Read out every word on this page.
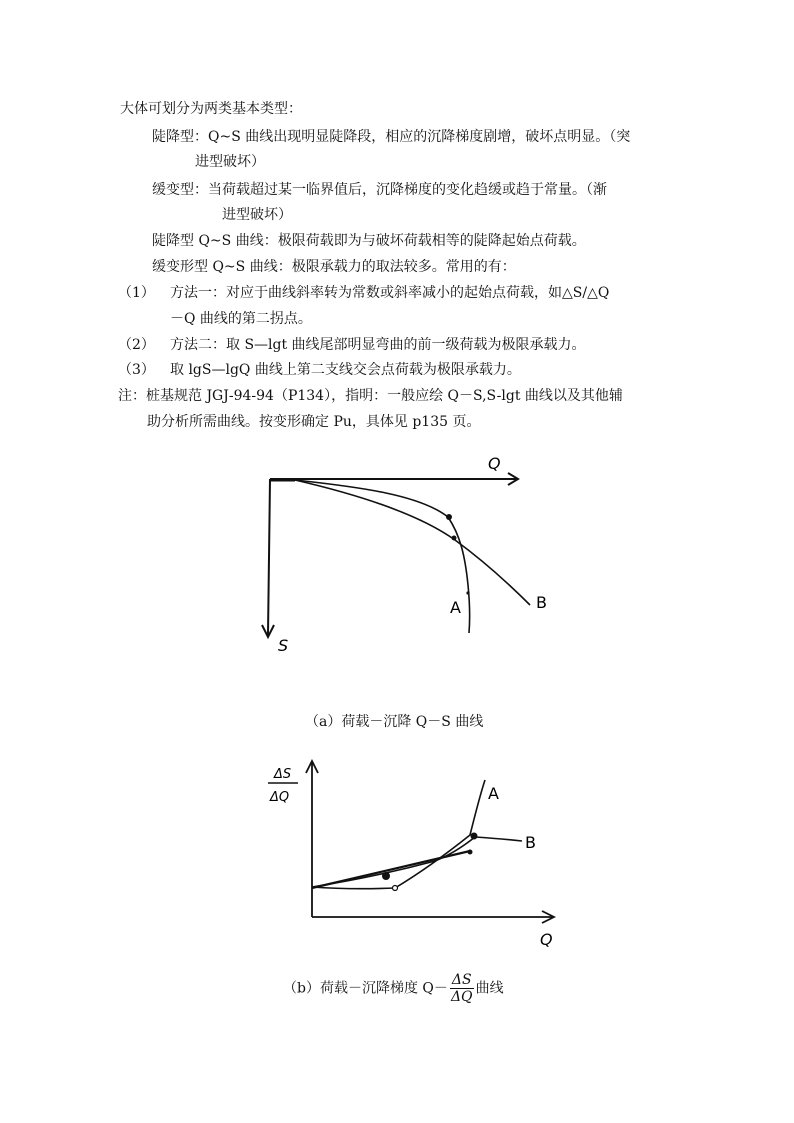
大体可划分为两类基本类型：
陡降型：Q~S 曲线出现明显陡降段，相应的沉降梯度剧增，破坏点明显。（突
进型破坏）
缓变型：当荷载超过某一临界值后，沉降梯度的变化趋缓或趋于常量。（渐
进型破坏）
陡降型 Q~S 曲线：极限荷载即为与破坏荷载相等的陡降起始点荷载。
缓变形型 Q~S 曲线：极限承载力的取法较多。常用的有：
（1） 方法一：对应于曲线斜率转为常数或斜率减小的起始点荷载，如△S/△Q
－Q 曲线的第二拐点。
（2） 方法二：取 S—lgt 曲线尾部明显弯曲的前一级荷载为极限承载力。
（3） 取 lgS—lgQ 曲线上第二支线交会点荷载为极限承载力。
注：桩基规范 JGJ-94-94（P134），指明：一般应绘 Q－S,S-lgt 曲线以及其他辅
助分析所需曲线。按变形确定 Pu，具体见 p135 页。
Q
S
A	B
（a）荷载－沉降 Q－S 曲线
ΔS
ΔQ	A
B
Q
（b）荷载－沉降梯度 $Q- \frac{\Delta S}{\Delta Q}$ 曲线
